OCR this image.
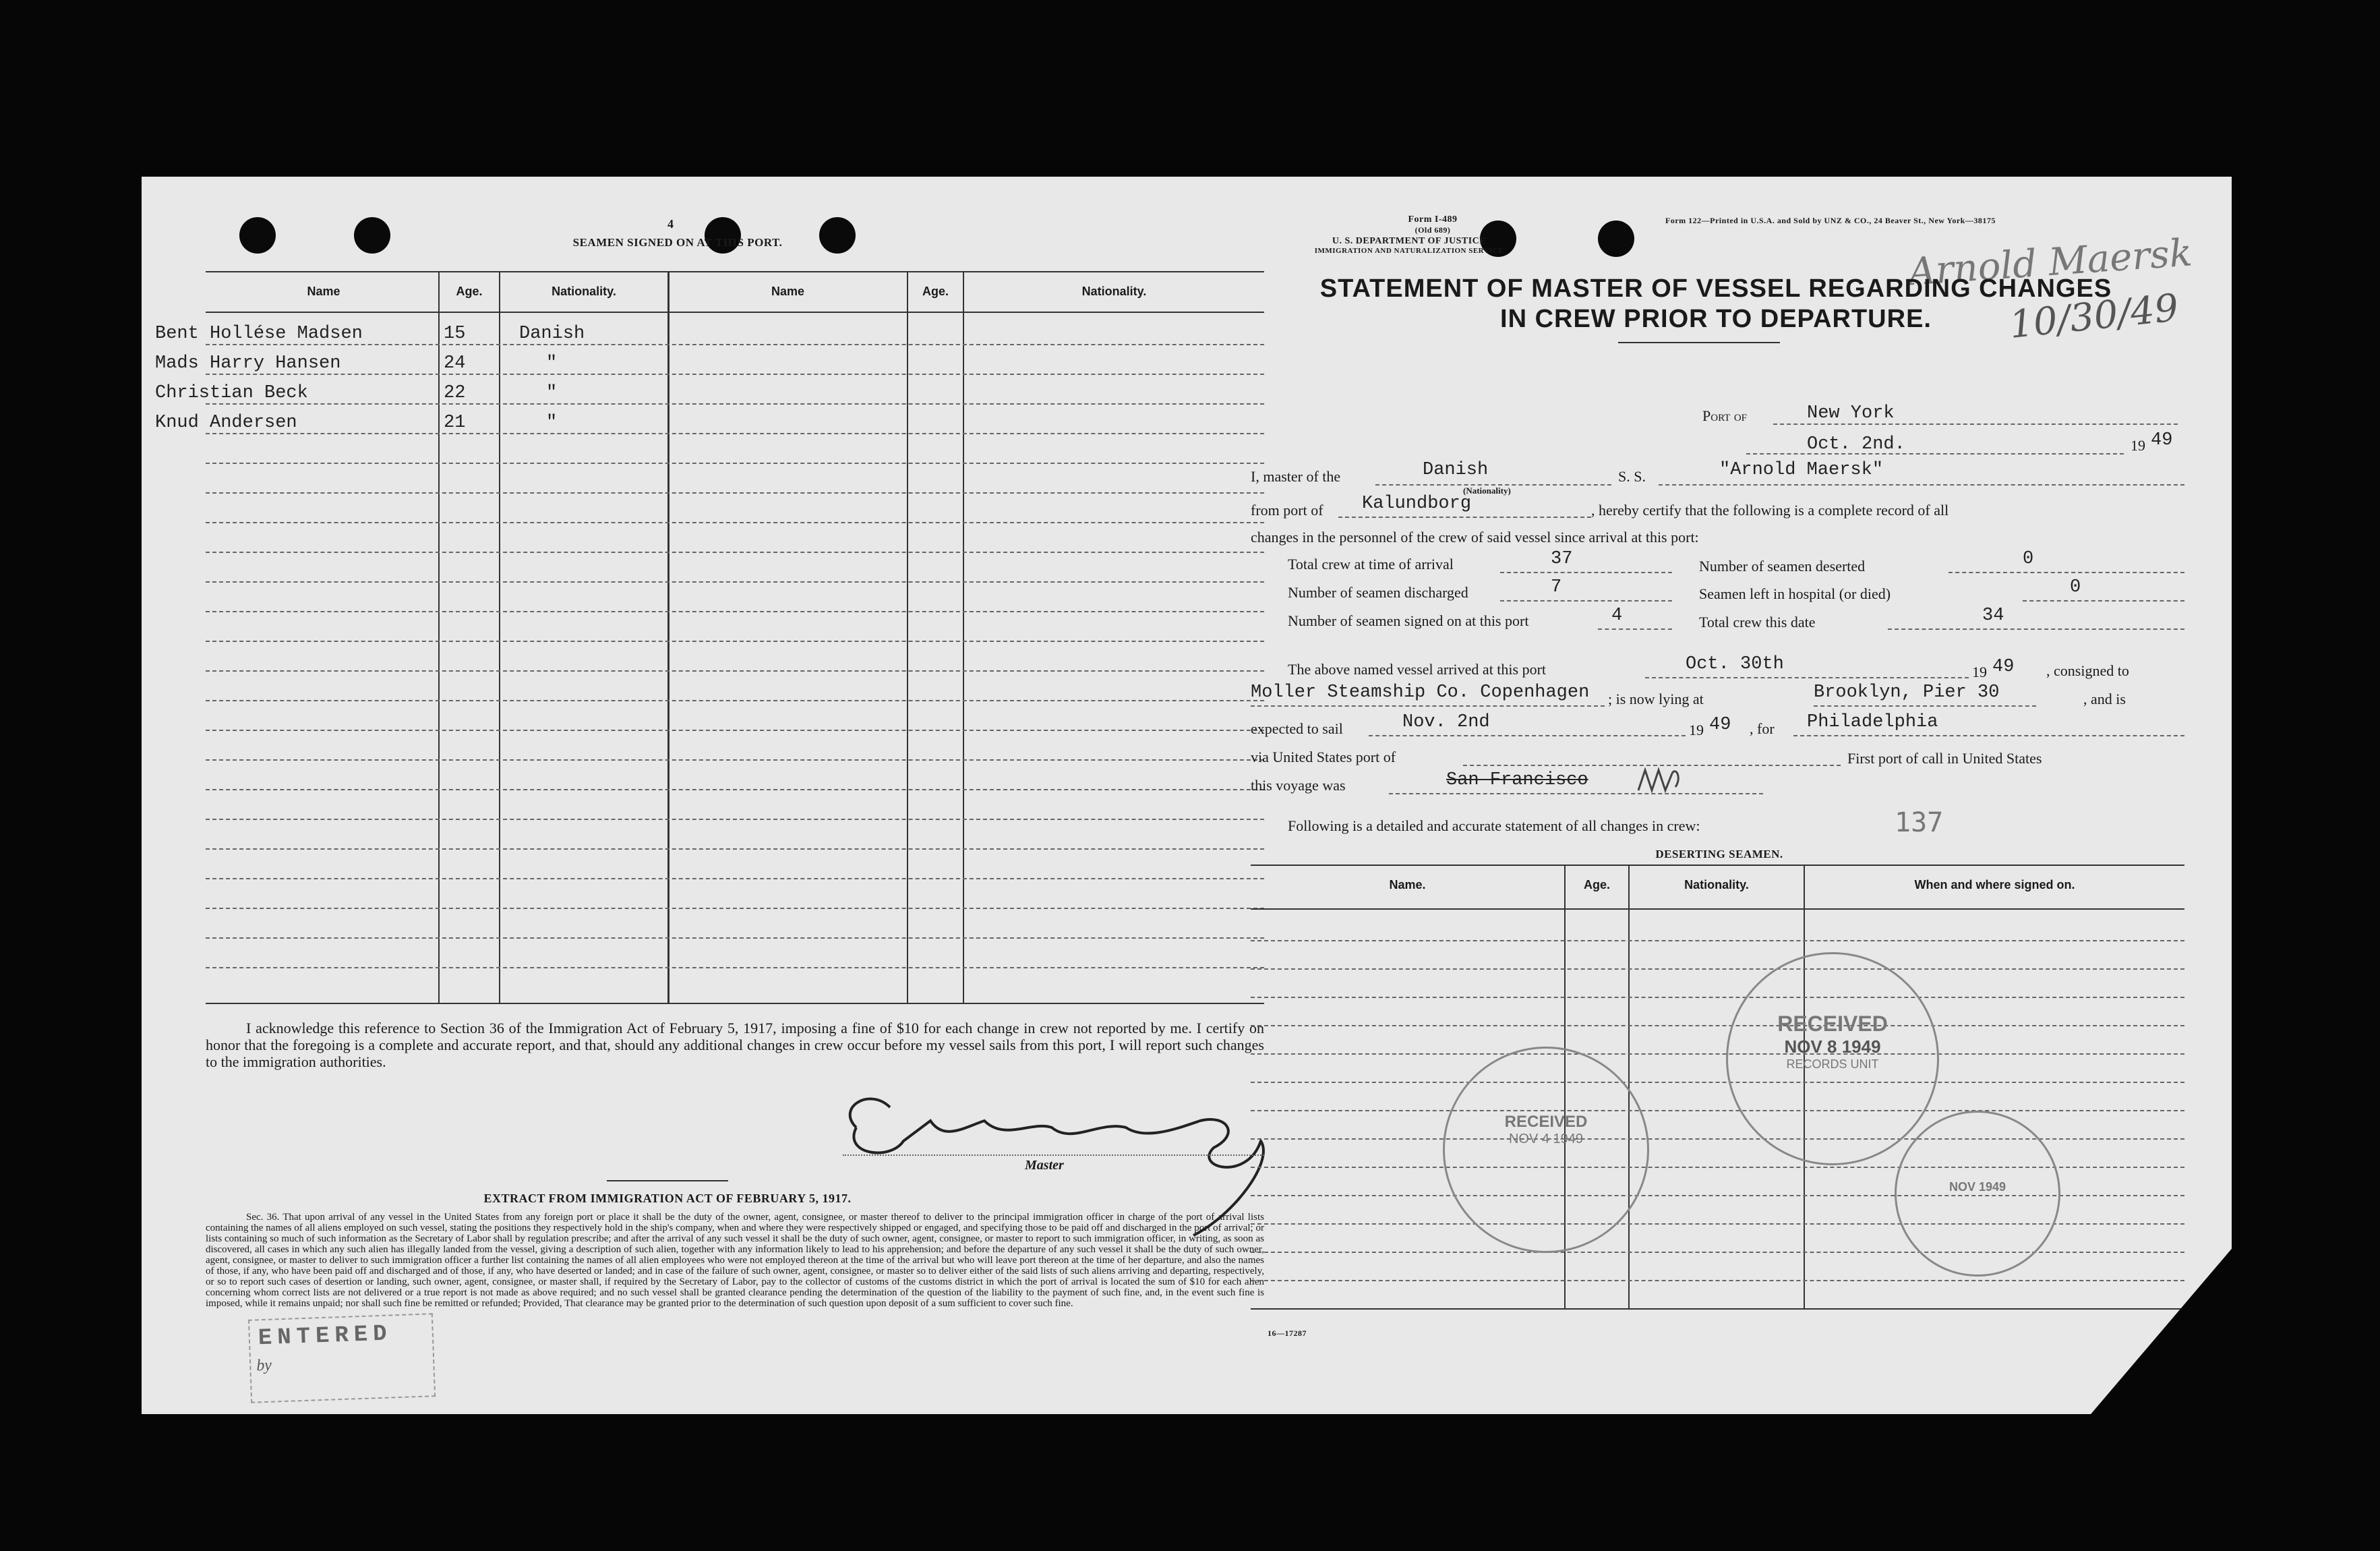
4
SEAMEN SIGNED ON AT THIS PORT.
Name	Age.	Nationality.	Name	Age.	Nationality.
Bent Hollése Madsen	15	Danish
Mads Harry Hansen	24	"
Christian Beck	22	"
Knud Andersen	21	"
I acknowledge this reference to Section 36 of the Immigration Act of February 5, 1917, imposing a fine of $10 for each change in crew not reported by me. I certify on honor that the foregoing is a complete and accurate report, and that, should any additional changes in crew occur before my vessel sails from this port, I will report such changes to the immigration authorities.
Master
EXTRACT FROM IMMIGRATION ACT OF FEBRUARY 5, 1917.
Sec. 36. That upon arrival of any vessel in the United States from any foreign port or place it shall be the duty of the owner, agent, consignee, or master thereof to deliver to the principal immigration officer in charge of the port of arrival lists containing the names of all aliens employed on such vessel, stating the positions they respectively hold in the ship's company, when and where they were respectively shipped or engaged, and specifying those to be paid off and discharged in the port of arrival; or lists containing so much of such information as the Secretary of Labor shall by regulation prescribe; and after the arrival of any such vessel it shall be the duty of such owner, agent, consignee, or master to report to such immigration officer, in writing, as soon as discovered, all cases in which any such alien has illegally landed from the vessel, giving a description of such alien, together with any information likely to lead to his apprehension; and before the departure of any such vessel it shall be the duty of such owner, agent, consignee, or master to deliver to such immigration officer a further list containing the names of all alien employees who were not employed thereon at the time of the arrival but who will leave port thereon at the time of her departure, and also the names of those, if any, who have been paid off and discharged and of those, if any, who have deserted or landed; and in case of the failure of such owner, agent, consignee, or master so to deliver either of the said lists of such aliens arriving and departing, respectively, or so to report such cases of desertion or landing, such owner, agent, consignee, or master shall, if required by the Secretary of Labor, pay to the collector of customs of the customs district in which the port of arrival is located the sum of $10 for each alien concerning whom correct lists are not delivered or a true report is not made as above required; and no such vessel shall be granted clearance pending the determination of the question of the liability to the payment of such fine, and, in the event such fine is imposed, while it remains unpaid; nor shall such fine be remitted or refunded; Provided, That clearance may be granted prior to the determination of such question upon deposit of a sum sufficient to cover such fine.
ENTERED
by
Form I-489
(Old 689)
U. S. DEPARTMENT OF JUSTICE
IMMIGRATION AND NATURALIZATION SERVICE
Form 122—Printed in U.S.A. and Sold by UNZ & CO., 24 Beaver St., New York—38175
Arnold Maersk
10/30/49
STATEMENT OF MASTER OF VESSEL REGARDING CHANGES
IN CREW PRIOR TO DEPARTURE.
Port of	New York
Oct. 2nd.	19 49
I, master of the	Danish
(Nationality)
S. S.	"Arnold Maersk"
from port of Kalundborg	, hereby certify that the following is a complete record of all
changes in the personnel of the crew of said vessel since arrival at this port:
Total crew at time of arrival	37	Number of seamen deserted	0
Number of seamen discharged	7	Seamen left in hospital (or died)	0
Number of seamen signed on at this port	4	Total crew this date	34
The above named vessel arrived at this port	Oct. 30th	19 49 , consigned to
Moller Steamship Co. Copenhagen ; is now lying at	Brooklyn, Pier 30	, and is
expected to sail	Nov. 2nd	19 49 , for Philadelphia
via United States port of	First port of call in United States
this voyage was	San Francisco
Following is a detailed and accurate statement of all changes in crew:	137
DESERTING SEAMEN.
Name.	Age.	Nationality.	When and where signed on.
16—17287
RECEIVED
NOV 8 1949
RECORDS UNIT
RECEIVED
NOV 4 1949
NOV 1949
